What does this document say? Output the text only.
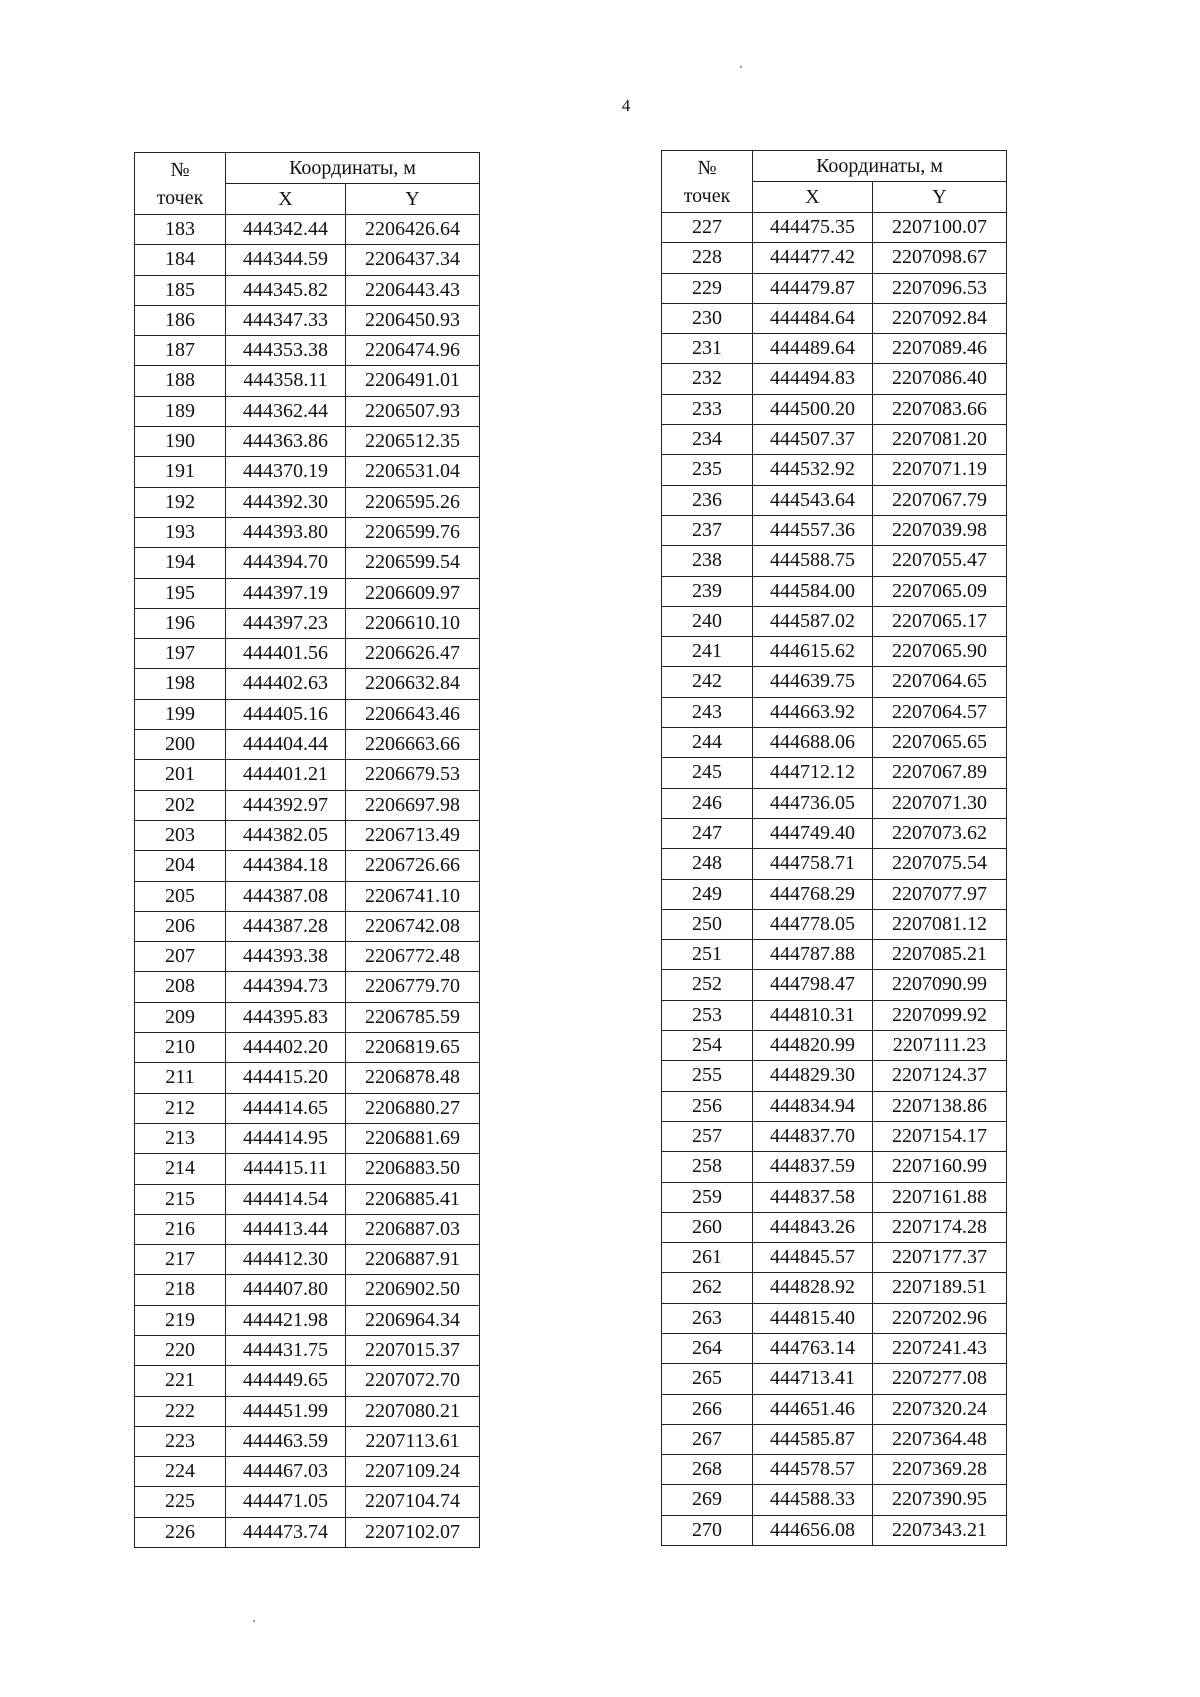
4
№
точек	Координаты, м	
	X	Y
183	444342.44	2206426.64
184	444344.59	2206437.34
185	444345.82	2206443.43
186	444347.33	2206450.93
187	444353.38	2206474.96
188	444358.11	2206491.01
189	444362.44	2206507.93
190	444363.86	2206512.35
191	444370.19	2206531.04
192	444392.30	2206595.26
193	444393.80	2206599.76
194	444394.70	2206599.54
195	444397.19	2206609.97
196	444397.23	2206610.10
197	444401.56	2206626.47
198	444402.63	2206632.84
199	444405.16	2206643.46
200	444404.44	2206663.66
201	444401.21	2206679.53
202	444392.97	2206697.98
203	444382.05	2206713.49
204	444384.18	2206726.66
205	444387.08	2206741.10
206	444387.28	2206742.08
207	444393.38	2206772.48
208	444394.73	2206779.70
209	444395.83	2206785.59
210	444402.20	2206819.65
211	444415.20	2206878.48
212	444414.65	2206880.27
213	444414.95	2206881.69
214	444415.11	2206883.50
215	444414.54	2206885.41
216	444413.44	2206887.03
217	444412.30	2206887.91
218	444407.80	2206902.50
219	444421.98	2206964.34
220	444431.75	2207015.37
221	444449.65	2207072.70
222	444451.99	2207080.21
223	444463.59	2207113.61
224	444467.03	2207109.24
225	444471.05	2207104.74
226	444473.74	2207102.07
№
точек	Координаты, м	
	X	Y
227	444475.35	2207100.07
228	444477.42	2207098.67
229	444479.87	2207096.53
230	444484.64	2207092.84
231	444489.64	2207089.46
232	444494.83	2207086.40
233	444500.20	2207083.66
234	444507.37	2207081.20
235	444532.92	2207071.19
236	444543.64	2207067.79
237	444557.36	2207039.98
238	444588.75	2207055.47
239	444584.00	2207065.09
240	444587.02	2207065.17
241	444615.62	2207065.90
242	444639.75	2207064.65
243	444663.92	2207064.57
244	444688.06	2207065.65
245	444712.12	2207067.89
246	444736.05	2207071.30
247	444749.40	2207073.62
248	444758.71	2207075.54
249	444768.29	2207077.97
250	444778.05	2207081.12
251	444787.88	2207085.21
252	444798.47	2207090.99
253	444810.31	2207099.92
254	444820.99	2207111.23
255	444829.30	2207124.37
256	444834.94	2207138.86
257	444837.70	2207154.17
258	444837.59	2207160.99
259	444837.58	2207161.88
260	444843.26	2207174.28
261	444845.57	2207177.37
262	444828.92	2207189.51
263	444815.40	2207202.96
264	444763.14	2207241.43
265	444713.41	2207277.08
266	444651.46	2207320.24
267	444585.87	2207364.48
268	444578.57	2207369.28
269	444588.33	2207390.95
270	444656.08	2207343.21
